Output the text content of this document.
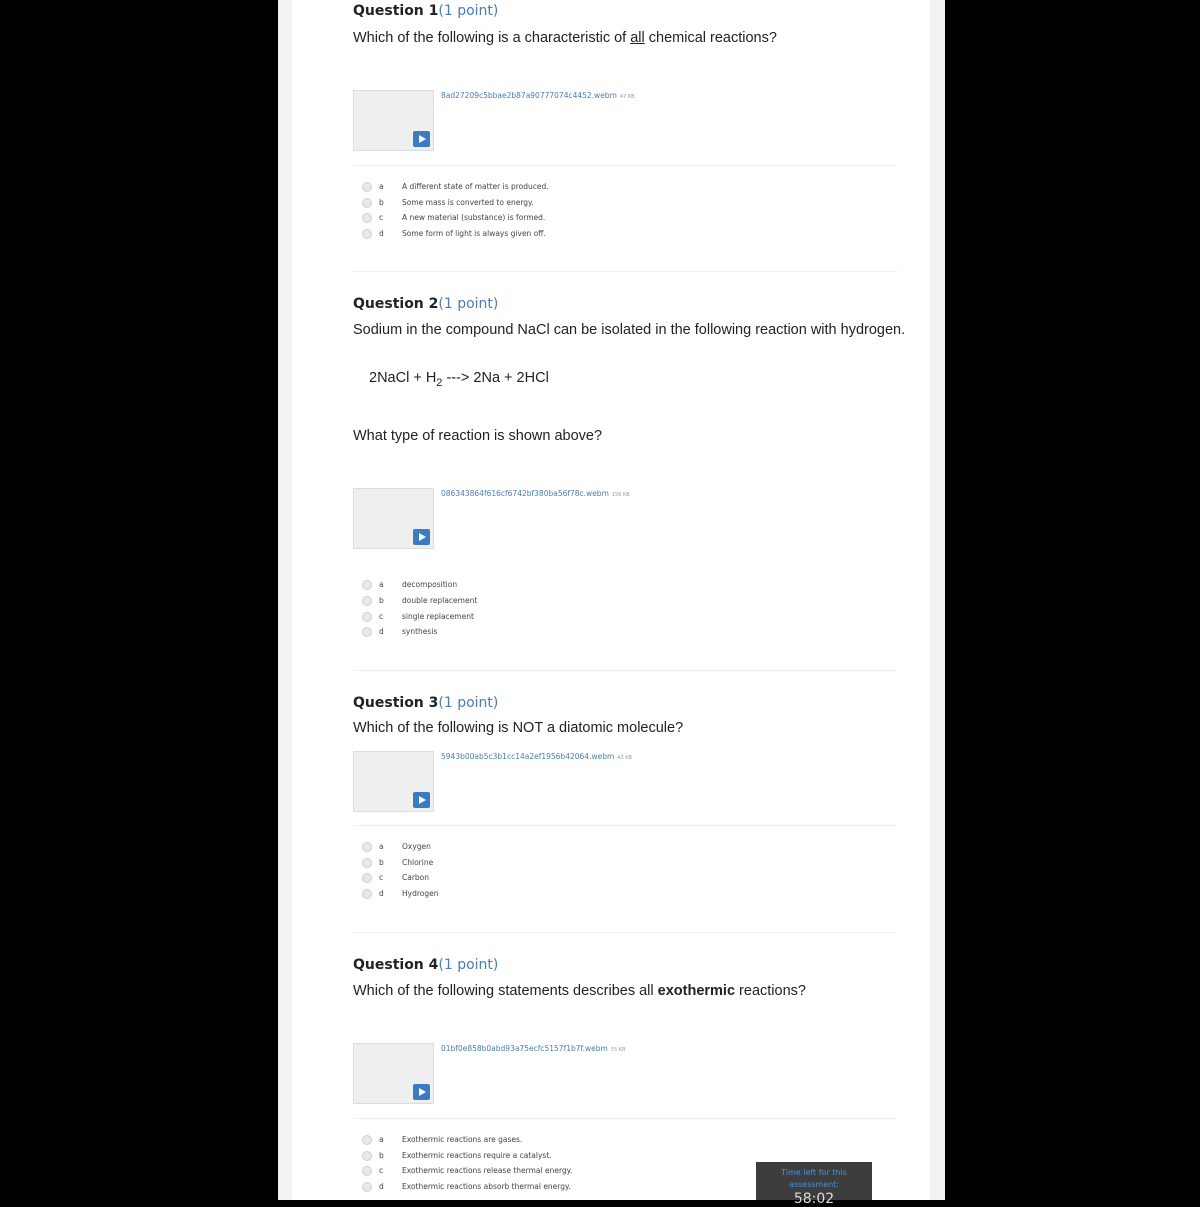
Question 1(1 point)
Which of the following is a characteristic of all chemical reactions?
8ad27209c5bbae2b87a90777074c4452.webm 47 KB
a A different state of matter is produced.
b Some mass is converted to energy.
c	A new material (substance) is formed.
d Some form of light is always given off.
Question 2(1 point)
Sodium in the compound NaCl can be isolated in the following reaction with hydrogen.
2NaCl + $H_2$ ---> 2Na + 2HCl
What type of reaction is shown above?
086343864f616cf6742bf380ba56f78c.webm 156 KB
a decomposition
b double replacement
c	single replacement
d synthesis
Question 3(1 point)
Which of the following is NOT a diatomic molecule?
5943b00ab5c3b1cc14a2ef1956b42064.webm 43 KB
a Oxygen
b Chlorine
c	Carbon
d Hydrogen
Question 4(1 point)
Which of the following statements describes all exothermic reactions?
01bf0e858b0abd93a75ecfc5157f1b7f.webm 55 KB
a Exothermic reactions are gases.
b Exothermic reactions require a catalyst.
c	Exothermic reactions release thermal energy.
d Exothermic reactions absorb thermal energy.
Time left for this assessment:
58:02
